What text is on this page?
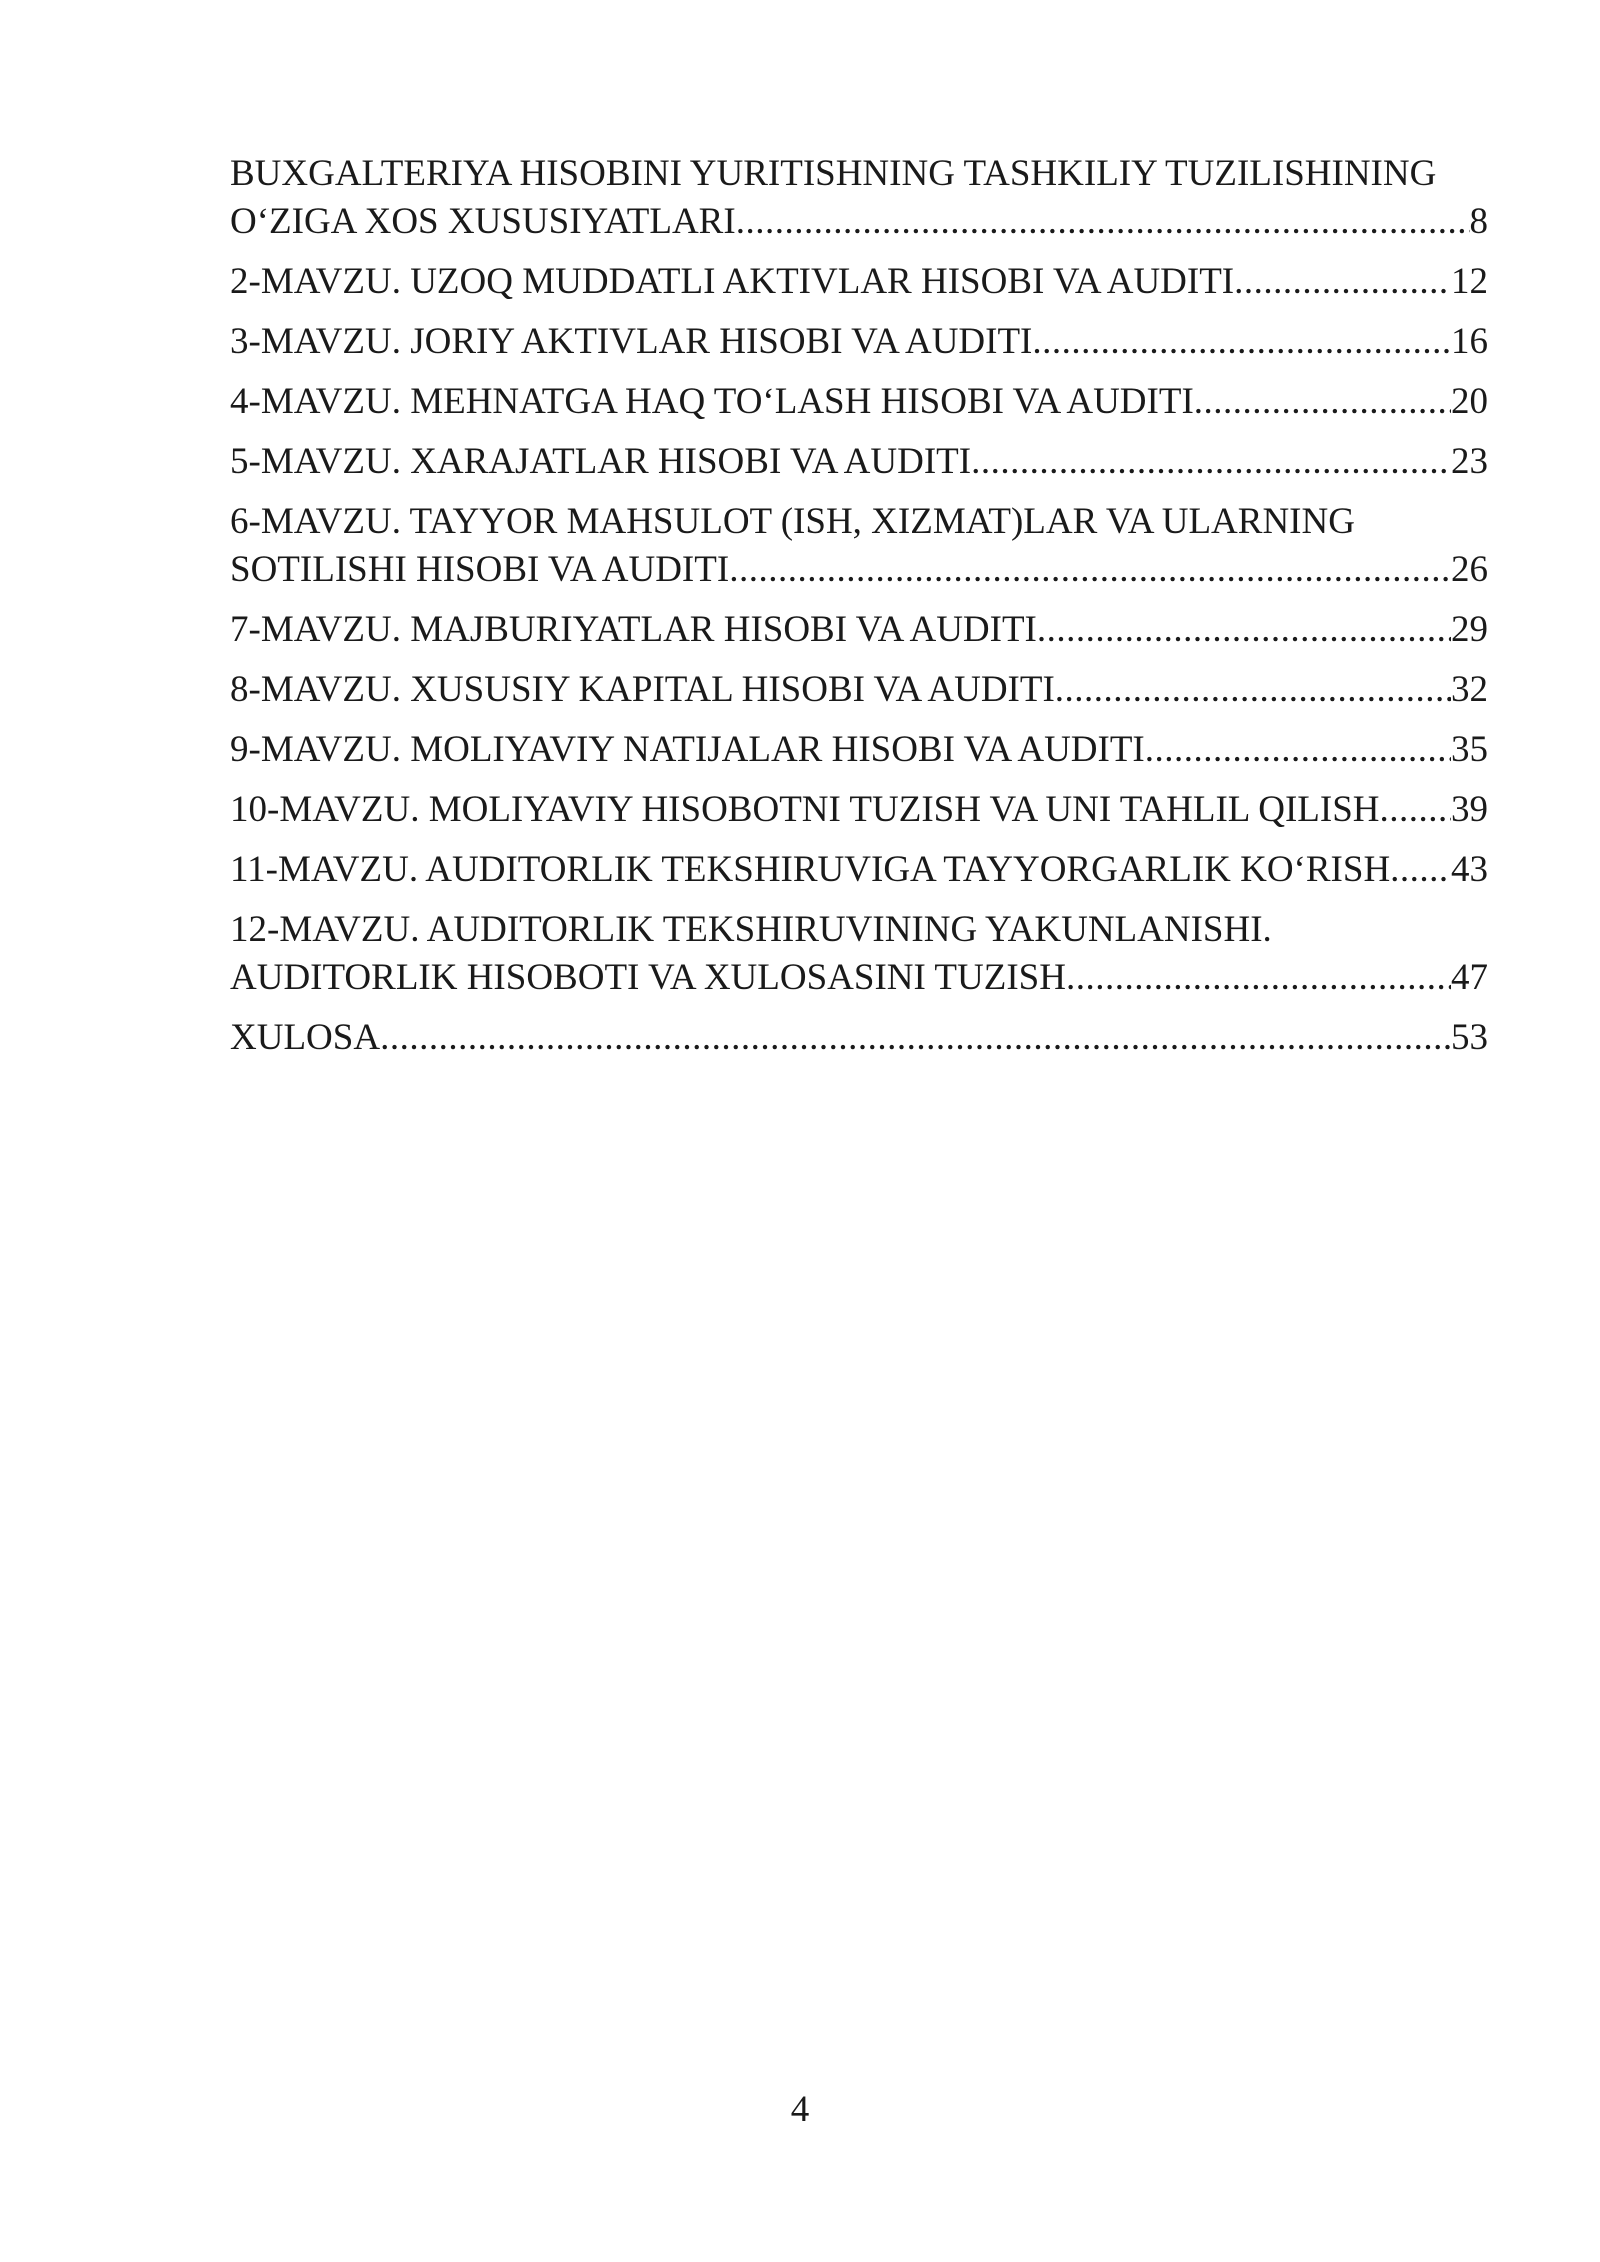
BUXGALTERIYA HISOBINI YURITISHNING TASHKILIY TUZILISHINING
O‘ZIGA XOS XUSUSIYATLARI .....	8
2-MAVZU. UZOQ MUDDATLI AKTIVLAR HISOBI VA AUDITI .....	12
3-MAVZU. JORIY AKTIVLAR HISOBI VA AUDITI .....	16
4-MAVZU. MEHNATGA HAQ TO‘LASH HISOBI VA AUDITI .....	20
5-MAVZU. XARAJATLAR HISOBI VA AUDITI .....	23
6-MAVZU. TAYYOR MAHSULOT (ISH, XIZMAT)LAR VA ULARNING
SOTILISHI HISOBI VA AUDITI .....	26
7-MAVZU. MAJBURIYATLAR HISOBI VA AUDITI .....	29
8-MAVZU. XUSUSIY KAPITAL HISOBI VA AUDITI .....	32
9-MAVZU. MOLIYAVIY NATIJALAR HISOBI VA AUDITI .....	35
10-MAVZU. MOLIYAVIY HISOBOTNI TUZISH VA UNI TAHLIL QILISH ..... 39
11-MAVZU. AUDITORLIK TEKSHIRUVIGA TAYYORGARLIK KO‘RISH ..... 43
12-MAVZU. AUDITORLIK TEKSHIRUVINING YAKUNLANISHI.
AUDITORLIK HISOBOTI VA XULOSASINI TUZISH .....	47
XULOSA .....	53
4
